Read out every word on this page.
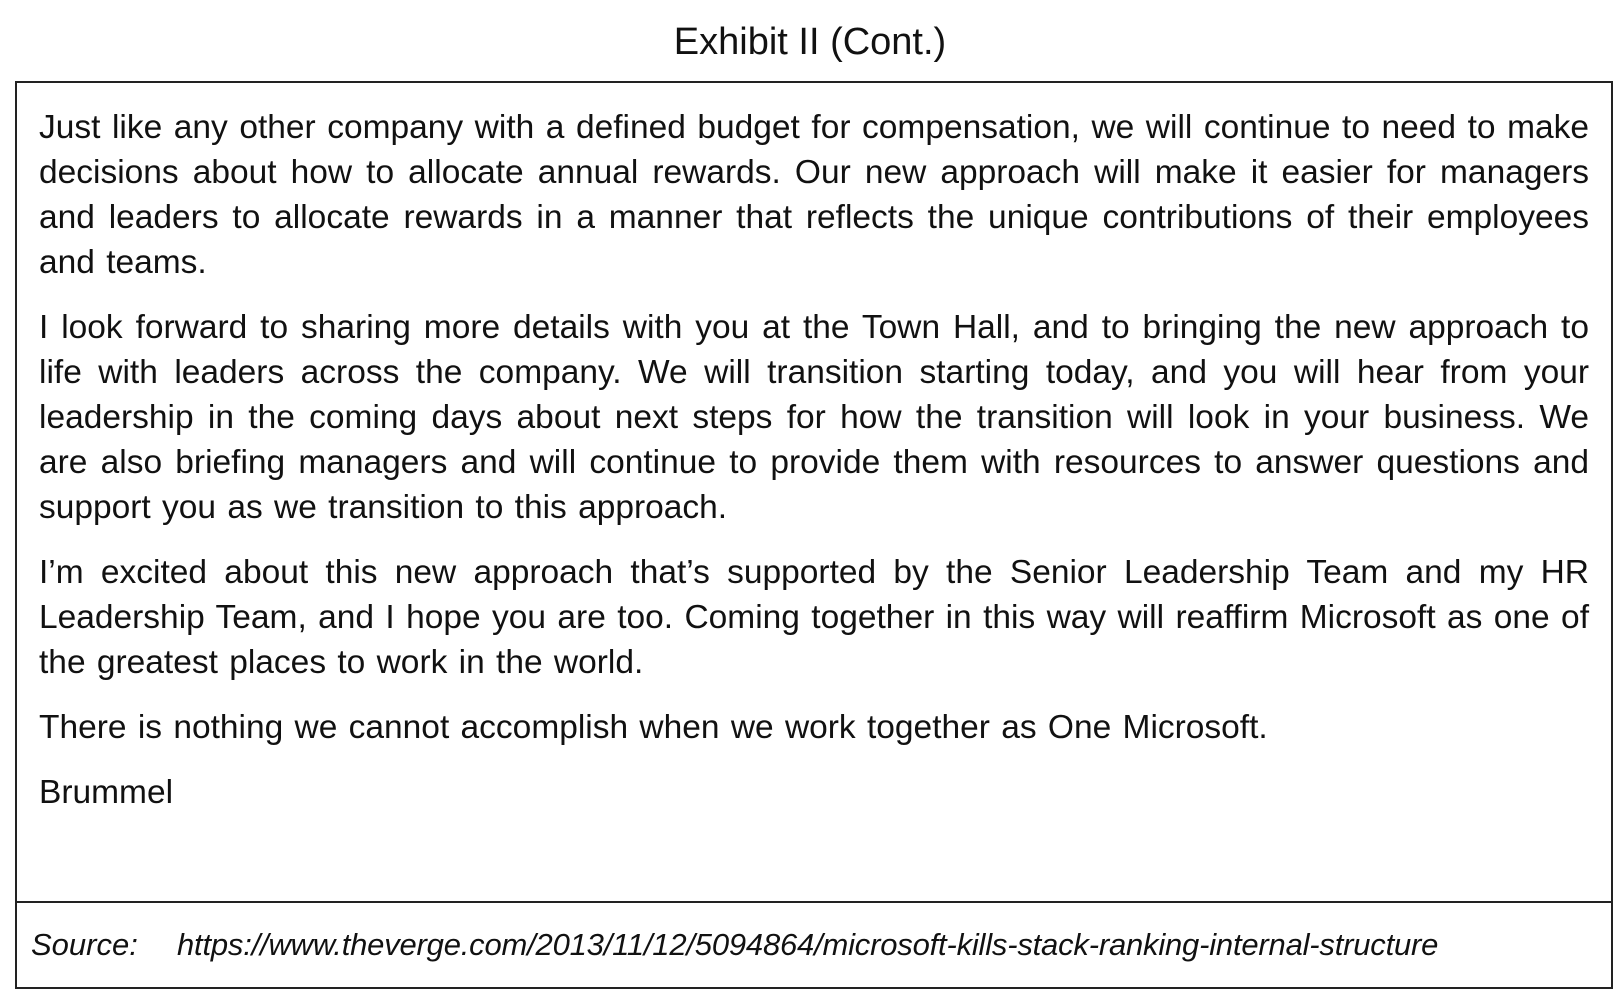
Exhibit II (Cont.)

Just like any other company with a defined budget for compensation, we will continue to need to make decisions about how to allocate annual rewards. Our new approach will make it easier for managers and leaders to allocate rewards in a manner that reflects the unique contributions of their employees and teams.

I look forward to sharing more details with you at the Town Hall, and to bringing the new approach to life with leaders across the company. We will transition starting today, and you will hear from your leadership in the coming days about next steps for how the transition will look in your business. We are also briefing managers and will continue to provide them with resources to answer questions and support you as we transition to this approach.

I’m excited about this new approach that’s supported by the Senior Leadership Team and my HR Leadership Team, and I hope you are too. Coming together in this way will reaffirm Microsoft as one of the greatest places to work in the world.

There is nothing we cannot accomplish when we work together as One Microsoft.

Brummel

Source:	https://www.theverge.com/2013/11/12/5094864/microsoft-kills-stack-ranking-internal-structure
